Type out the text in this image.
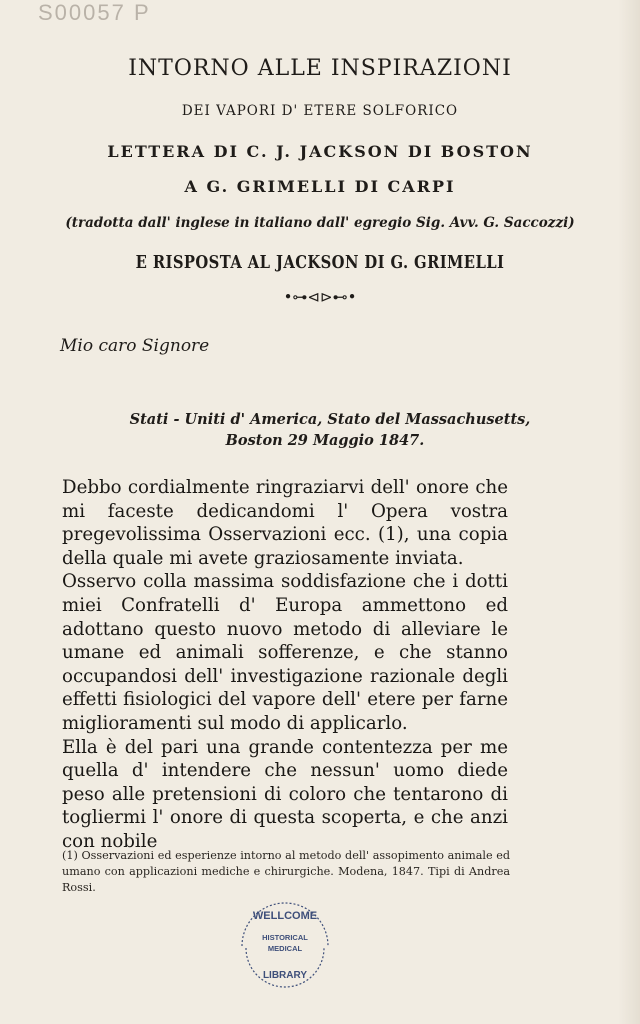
S00057 P
INTORNO ALLE INSPIRAZIONI
DEI VAPORI D' ETERE SOLFORICO
LETTERA DI C. J. JACKSON DI BOSTON
A G. GRIMELLI DI CARPI
(tradotta dall' inglese in italiano dall' egregio Sig. Avv. G. Saccozzi)
E RISPOSTA AL JACKSON DI G. GRIMELLI
•⊶⊲⊳⊷•
Mio caro Signore
Stati - Uniti d' America, Stato del Massachusetts,
Boston 29 Maggio 1847.

Debbo cordialmente ringraziarvi dell' onore che mi faceste dedicandomi l' Opera vostra pregevolissima Osservazioni ecc. (1), una copia della quale mi avete graziosamente inviata.

Osservo colla massima soddisfazione che i dotti miei Confratelli d' Europa ammettono ed adottano questo nuovo metodo di alleviare le umane ed animali sofferenze, e che stanno occupandosi dell' investigazione razionale degli effetti fisiologici del vapore dell' etere per farne miglioramenti sul modo di applicarlo.

Ella è del pari una grande contentezza per me quella d' intendere che nessun' uomo diede peso alle pretensioni di coloro che tentarono di togliermi l' onore di questa scoperta, e che anzi con nobile

(1) Osservazioni ed esperienze intorno al metodo dell' assopimento animale ed umano con applicazioni mediche e chirurgiche. Modena, 1847. Tipi di Andrea Rossi.
WELLCOME
HISTORICAL
MEDICAL
LIBRARY
